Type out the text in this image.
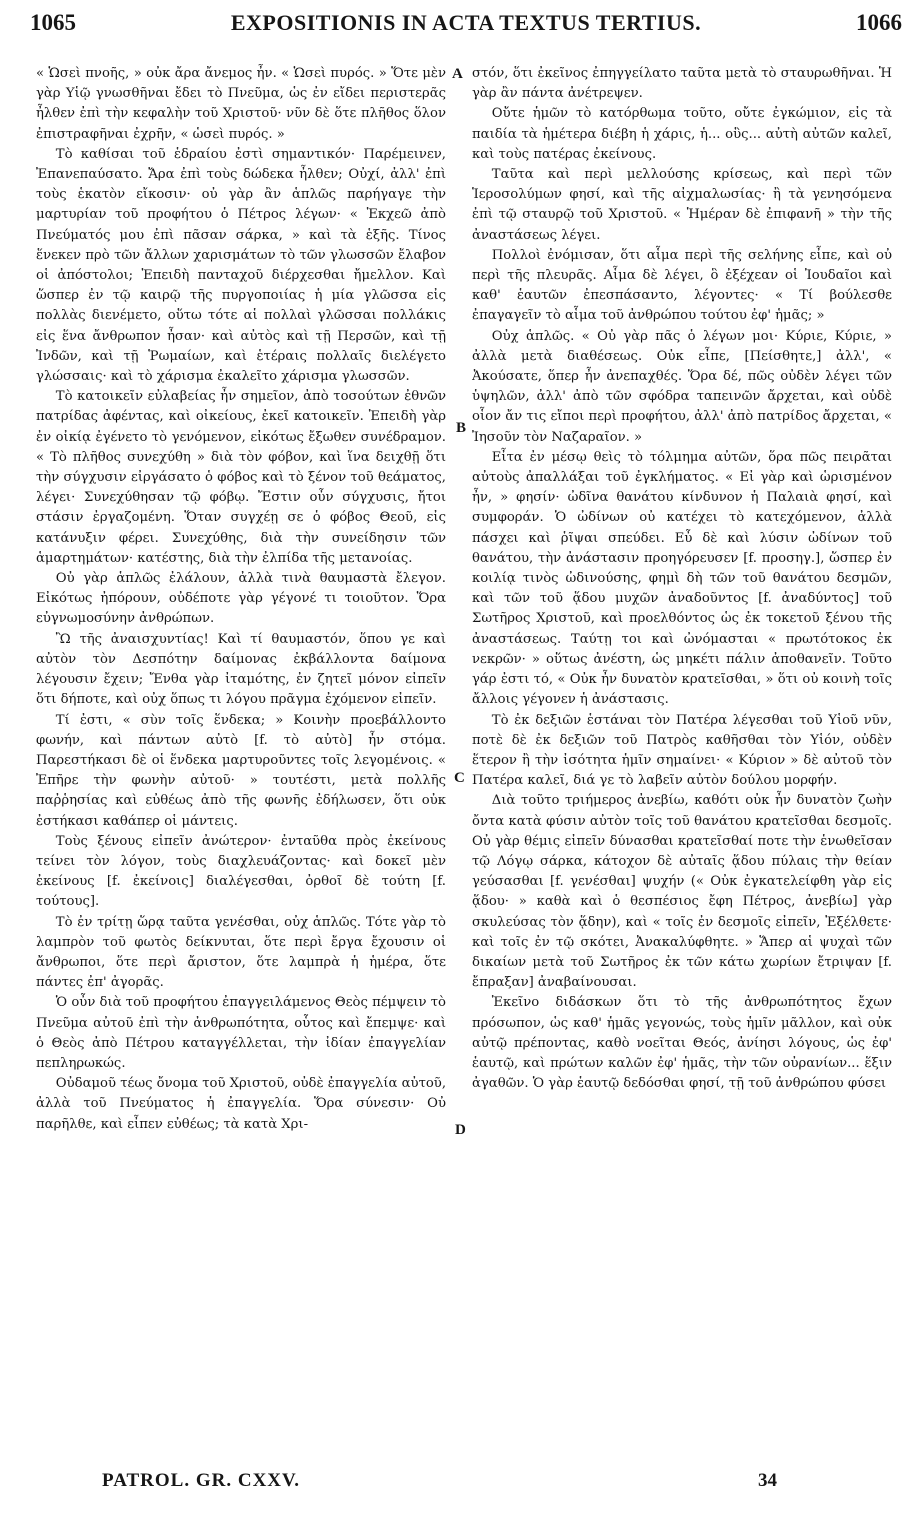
1065	EXPOSITIONIS IN ACTA TEXTUS TERTIUS.	1066

« Ὡσεὶ πνοῆς, » οὐκ ἄρα ἄνεμος ἦν. « Ὡσεὶ πυρός. » Ὅτε μὲν γὰρ Υἱῷ γνωσθῆναι ἔδει τὸ Πνεῦμα, ὡς ἐν εἴδει περιστερᾶς ἦλθεν ἐπὶ τὴν κεφαλὴν τοῦ Χριστοῦ· νῦν δὲ ὅτε πλῆθος ὅλον ἐπιστραφῆναι ἐχρῆν, « ὡσεὶ πυρός. »

Τὸ καθίσαι τοῦ ἑδραίου ἐστὶ σημαντικόν· Παρέμεινεν, Ἐπανεπαύσατο. Ἄρα ἐπὶ τοὺς δώδεκα ἦλθεν; Οὐχί, ἀλλ' ἐπὶ τοὺς ἑκατὸν εἴκοσιν· οὐ γὰρ ἂν ἁπλῶς παρήγαγε τὴν μαρτυρίαν τοῦ προφήτου ὁ Πέτρος λέγων· « Ἐκχεῶ ἀπὸ Πνεύματός μου ἐπὶ πᾶσαν σάρκα, » καὶ τὰ ἑξῆς. Τίνος ἕνεκεν πρὸ τῶν ἄλλων χαρισμάτων τὸ τῶν γλωσσῶν ἔλαβον οἱ ἀπόστολοι; Ἐπειδὴ πανταχοῦ διέρχεσθαι ἤμελλον. Καὶ ὥσπερ ἐν τῷ καιρῷ τῆς πυργοποιίας ἡ μία γλῶσσα εἰς πολλὰς διενέμετο, οὕτω τότε αἱ πολλαὶ γλῶσσαι πολλάκις εἰς ἕνα ἄνθρωπον ἦσαν· καὶ αὐτὸς καὶ τῇ Περσῶν, καὶ τῇ Ἰνδῶν, καὶ τῇ Ῥωμαίων, καὶ ἑτέραις πολλαῖς διελέγετο γλώσσαις· καὶ τὸ χάρισμα ἐκαλεῖτο χάρισμα γλωσσῶν.

Τὸ κατοικεῖν εὐλαβείας ἦν σημεῖον, ἀπὸ τοσούτων ἐθνῶν πατρίδας ἀφέντας, καὶ οἰκείους, ἐκεῖ κατοικεῖν. Ἐπειδὴ γὰρ ἐν οἰκίᾳ ἐγένετο τὸ γενόμενον, εἰκότως ἔξωθεν συνέδραμον. « Τὸ πλῆθος συνεχύθη » διὰ τὸν φόβον, καὶ ἵνα δειχθῇ ὅτι τὴν σύγχυσιν εἰργάσατο ὁ φόβος καὶ τὸ ξένον τοῦ θεάματος, λέγει· Συνεχύθησαν τῷ φόβῳ. Ἔστιν οὖν σύγχυσις, ἤτοι στάσιν ἐργαζομένη. Ὅταν συγχέῃ σε ὁ φόβος Θεοῦ, εἰς κατάνυξιν φέρει. Συνεχύθης, διὰ τὴν συνείδησιν τῶν ἁμαρτημάτων· κατέστης, διὰ τὴν ἐλπίδα τῆς μετανοίας.

Οὐ γὰρ ἁπλῶς ἐλάλουν, ἀλλὰ τινὰ θαυμαστὰ ἔλεγον. Εἰκότως ἠπόρουν, οὐδέποτε γὰρ γέγονέ τι τοιοῦτον. Ὅρα εὐγνωμοσύνην ἀνθρώπων.

Ὢ τῆς ἀναισχυντίας! Καὶ τί θαυμαστόν, ὅπου γε καὶ αὐτὸν τὸν Δεσπότην δαίμονας ἐκβάλλοντα δαίμονα λέγουσιν ἔχειν; Ἔνθα γὰρ ἰταμότης, ἐν ζητεῖ μόνον εἰπεῖν ὅτι δήποτε, καὶ οὐχ ὅπως τι λόγου πρᾶγμα ἐχόμενον εἰπεῖν.

Τί ἐστι, « σὺν τοῖς ἕνδεκα; » Κοινὴν προεβάλλοντο φωνήν, καὶ πάντων αὐτὸ [f. τὸ αὐτὸ] ἦν στόμα. Παρεστήκασι δὲ οἱ ἕνδεκα μαρτυροῦντες τοῖς λεγομένοις. « Ἐπῆρε τὴν φωνὴν αὐτοῦ· » τουτέστι, μετὰ πολλῆς παῤῥησίας καὶ εὐθέως ἀπὸ τῆς φωνῆς ἐδήλωσεν, ὅτι οὐκ ἐστήκασι καθάπερ οἱ μάντεις.

Τοὺς ξένους εἰπεῖν ἀνώτερον· ἐνταῦθα πρὸς ἐκείνους τείνει τὸν λόγον, τοὺς διαχλευάζοντας· καὶ δοκεῖ μὲν ἐκείνους [f. ἐκείνοις] διαλέγεσθαι, ὀρθοῖ δὲ τούτη [f. τούτους].

Τὸ ἐν τρίτῃ ὥρᾳ ταῦτα γενέσθαι, οὐχ ἁπλῶς. Τότε γὰρ τὸ λαμπρὸν τοῦ φωτὸς δείκνυται, ὅτε περὶ ἔργα ἔχουσιν οἱ ἄνθρωποι, ὅτε περὶ ἄριστον, ὅτε λαμπρὰ ἡ ἡμέρα, ὅτε πάντες ἐπ' ἀγορᾶς.

Ὁ οὖν διὰ τοῦ προφήτου ἐπαγγειλάμενος Θεὸς πέμψειν τὸ Πνεῦμα αὐτοῦ ἐπὶ τὴν ἀνθρωπότητα, οὗτος καὶ ἔπεμψε· καὶ ὁ Θεὸς ἀπὸ Πέτρου καταγγέλλεται, τὴν ἰδίαν ἐπαγγελίαν πεπληρωκώς.

Οὐδαμοῦ τέως ὄνομα τοῦ Χριστοῦ, οὐδὲ ἐπαγγελία αὐτοῦ, ἀλλὰ τοῦ Πνεύματος ἡ ἐπαγγελία. Ὅρα σύνεσιν· Οὐ παρῆλθε, καὶ εἶπεν εὐθέως; τὰ κατὰ Χρι-

A
B
C
D

στόν, ὅτι ἐκεῖνος ἐπηγγείλατο ταῦτα μετὰ τὸ σταυρωθῆναι. Ἡ γὰρ ἂν πάντα ἀνέτρεψεν.

Οὔτε ἡμῶν τὸ κατόρθωμα τοῦτο, οὔτε ἐγκώμιον, εἰς τὰ παιδία τὰ ἡμέτερα διέβη ἡ χάρις, ἡ... οὓς... αὐτὴ αὐτῶν καλεῖ, καὶ τοὺς πατέρας ἐκείνους.

Ταῦτα καὶ περὶ μελλούσης κρίσεως, καὶ περὶ τῶν Ἱεροσολύμων φησί, καὶ τῆς αἰχμαλωσίας· ἢ τὰ γενησόμενα ἐπὶ τῷ σταυρῷ τοῦ Χριστοῦ. « Ἡμέραν δὲ ἐπιφανῆ » τὴν τῆς ἀναστάσεως λέγει.

Πολλοὶ ἐνόμισαν, ὅτι αἷμα περὶ τῆς σελήνης εἶπε, καὶ οὐ περὶ τῆς πλευρᾶς. Αἷμα δὲ λέγει, ὃ ἐξέχεαν οἱ Ἰουδαῖοι καὶ καθ' ἑαυτῶν ἐπεσπάσαντο, λέγοντες· « Τί βούλεσθε ἐπαγαγεῖν τὸ αἷμα τοῦ ἀνθρώπου τούτου ἐφ' ἡμᾶς; »

Οὐχ ἁπλῶς. « Οὐ γὰρ πᾶς ὁ λέγων μοι· Κύριε, Κύριε, » ἀλλὰ μετὰ διαθέσεως. Οὐκ εἶπε, [Πείσθητε,] ἀλλ', « Ἀκούσατε, ὅπερ ἦν ἀνεπαχθές. Ὅρα δέ, πῶς οὐδὲν λέγει τῶν ὑψηλῶν, ἀλλ' ἀπὸ τῶν σφόδρα ταπεινῶν ἄρχεται, καὶ οὐδὲ οἷον ἄν τις εἴποι περὶ προφήτου, ἀλλ' ἀπὸ πατρίδος ἄρχεται, « Ἰησοῦν τὸν Ναζαραῖον. »

Εἶτα ἐν μέσῳ θεὶς τὸ τόλμημα αὐτῶν, ὅρα πῶς πειρᾶται αὐτοὺς ἀπαλλάξαι τοῦ ἐγκλήματος. « Εἰ γὰρ καὶ ὡρισμένον ἦν, » φησίν· ὠδῖνα θανάτου κίνδυνον ἡ Παλαιὰ φησί, καὶ συμφοράν. Ὁ ὠδίνων οὐ κατέχει τὸ κατεχόμενον, ἀλλὰ πάσχει καὶ ῥῖψαι σπεύδει. Εὖ δὲ καὶ λύσιν ὠδίνων τοῦ θανάτου, τὴν ἀνάστασιν προηγόρευσεν [f. προσηγ.], ὥσπερ ἐν κοιλίᾳ τινὸς ὠδινούσης, φημὶ δὴ τῶν τοῦ θανάτου δεσμῶν, καὶ τῶν τοῦ ᾅδου μυχῶν ἀναδοῦντος [f. ἀναδύντος] τοῦ Σωτῆρος Χριστοῦ, καὶ προελθόντος ὡς ἐκ τοκετοῦ ξένου τῆς ἀναστάσεως. Ταύτῃ τοι καὶ ὠνόμασται « πρωτότοκος ἐκ νεκρῶν· » οὕτως ἀνέστη, ὡς μηκέτι πάλιν ἀποθανεῖν. Τοῦτο γάρ ἐστι τό, « Οὐκ ἦν δυνατὸν κρατεῖσθαι, » ὅτι οὐ κοινὴ τοῖς ἄλλοις γέγονεν ἡ ἀνάστασις.

Τὸ ἐκ δεξιῶν ἑστάναι τὸν Πατέρα λέγεσθαι τοῦ Υἱοῦ νῦν, ποτὲ δὲ ἐκ δεξιῶν τοῦ Πατρὸς καθῆσθαι τὸν Υἱόν, οὐδὲν ἕτερον ἢ τὴν ἰσότητα ἡμῖν σημαίνει· « Κύριον » δὲ αὐτοῦ τὸν Πατέρα καλεῖ, διά γε τὸ λαβεῖν αὐτὸν δούλου μορφήν.

Διὰ τοῦτο τριήμερος ἀνεβίω, καθότι οὐκ ἦν δυνατὸν ζωὴν ὄντα κατὰ φύσιν αὐτὸν τοῖς τοῦ θανάτου κρατεῖσθαι δεσμοῖς. Οὐ γὰρ θέμις εἰπεῖν δύνασθαι κρατεῖσθαί ποτε τὴν ἑνωθεῖσαν τῷ Λόγῳ σάρκα, κάτοχον δὲ αὐταῖς ᾅδου πύλαις τὴν θείαν γεύσασθαι [f. γενέσθαι] ψυχήν (« Οὐκ ἐγκατελείφθη γὰρ εἰς ᾅδου· » καθὰ καὶ ὁ θεσπέσιος ἔφη Πέτρος, ἀνεβίω] γὰρ σκυλεύσας τὸν ᾅδην), καὶ « τοῖς ἐν δεσμοῖς εἰπεῖν, Ἐξέλθετε· καὶ τοῖς ἐν τῷ σκότει, Ἀνακαλύφθητε. » Ἅπερ αἱ ψυχαὶ τῶν δικαίων μετὰ τοῦ Σωτῆρος ἐκ τῶν κάτω χωρίων ἔτριψαν [f. ἔπραξαν] ἀναβαίνουσαι.

Ἐκεῖνο διδάσκων ὅτι τὸ τῆς ἀνθρωπότητος ἔχων πρόσωπον, ὡς καθ' ἡμᾶς γεγονώς, τοὺς ἡμῖν μᾶλλον, καὶ οὐκ αὐτῷ πρέποντας, καθὸ νοεῖται Θεός, ἀνίησι λόγους, ὡς ἐφ' ἑαυτῷ, καὶ πρώτων καλῶν ἐφ' ἡμᾶς, τὴν τῶν οὐρανίων... ἕξιν ἀγαθῶν. Ὁ γὰρ ἑαυτῷ δεδόσθαι φησί, τῇ τοῦ ἀνθρώπου φύσει

PATROL. GR. CXXV.	34
